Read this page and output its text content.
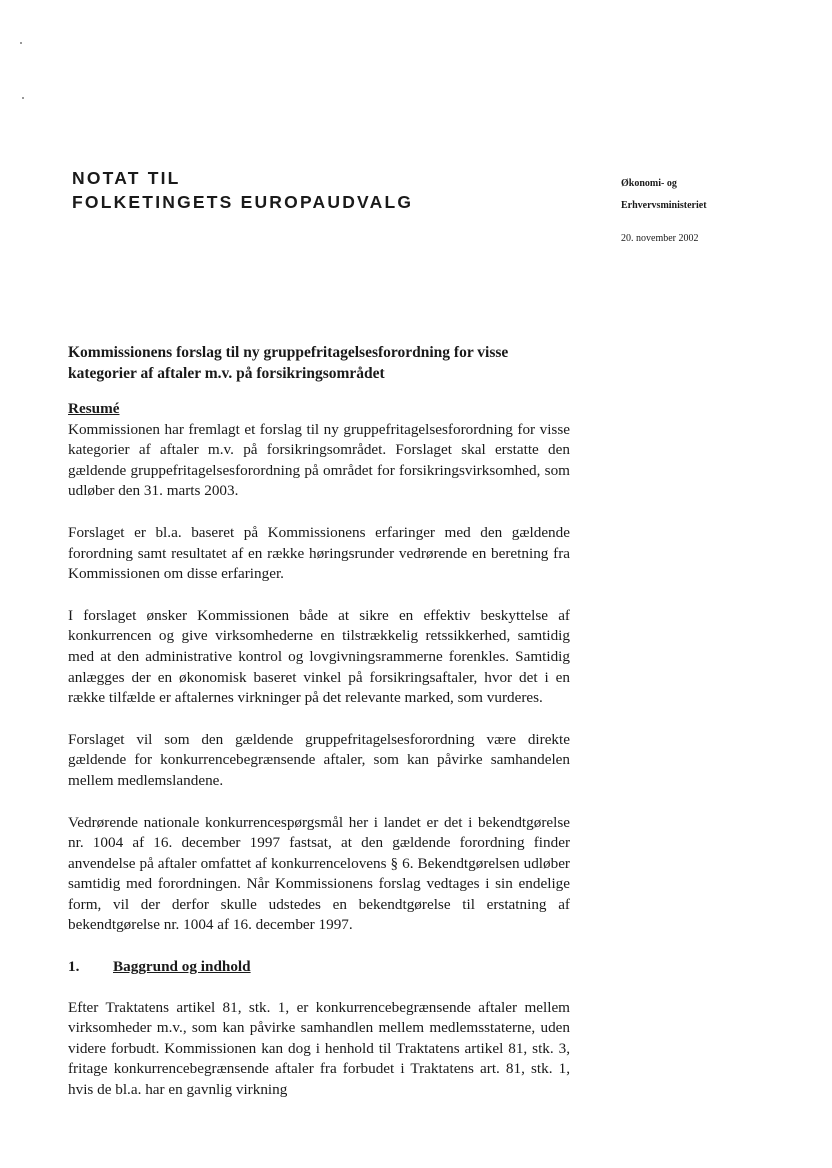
NOTAT TIL
FOLKETINGETS EUROPAUDVALG
Økonomi- og
Erhvervsministeriet
20. november 2002
Kommissionens forslag til ny gruppefritagelsesforordning for visse kategorier af aftaler m.v. på forsikringsområdet
Resumé

Kommissionen har fremlagt et forslag til ny gruppefritagelsesforordning for visse kategorier af aftaler m.v. på forsikringsområdet. Forslaget skal erstatte den gældende gruppefritagelsesforordning på området for forsikringsvirksomhed, som udløber den 31. marts 2003.

Forslaget er bl.a. baseret på Kommissionens erfaringer med den gældende forordning samt resultatet af en række høringsrunder vedrørende en beretning fra Kommissionen om disse erfaringer.

I forslaget ønsker Kommissionen både at sikre en effektiv beskyttelse af konkurrencen og give virksomhederne en tilstrækkelig retssikkerhed, samtidig med at den administrative kontrol og lovgivningsrammerne forenkles. Samtidig anlægges der en økonomisk baseret vinkel på forsikringsaftaler, hvor det i en række tilfælde er aftalernes virkninger på det relevante marked, som vurderes.

Forslaget vil som den gældende gruppefritagelsesforordning være direkte gældende for konkurrencebegrænsende aftaler, som kan påvirke samhandelen mellem medlemslandene.

Vedrørende nationale konkurrencespørgsmål her i landet er det i bekendtgørelse nr. 1004 af 16. december 1997 fastsat, at den gældende forordning finder anvendelse på aftaler omfattet af konkurrencelovens § 6. Bekendtgørelsen udløber samtidig med forordningen. Når Kommissionens forslag vedtages i sin endelige form, vil der derfor skulle udstedes en bekendtgørelse til erstatning af bekendtgørelse nr. 1004 af 16. december 1997.

1. Baggrund og indhold

Efter Traktatens artikel 81, stk. 1, er konkurrencebegrænsende aftaler mellem virksomheder m.v., som kan påvirke samhandlen mellem medlemsstaterne, uden videre forbudt. Kommissionen kan dog i henhold til Traktatens artikel 81, stk. 3, fritage konkurrencebegrænsende aftaler fra forbudet i Traktatens art. 81, stk. 1, hvis de bl.a. har en gavnlig virkning
